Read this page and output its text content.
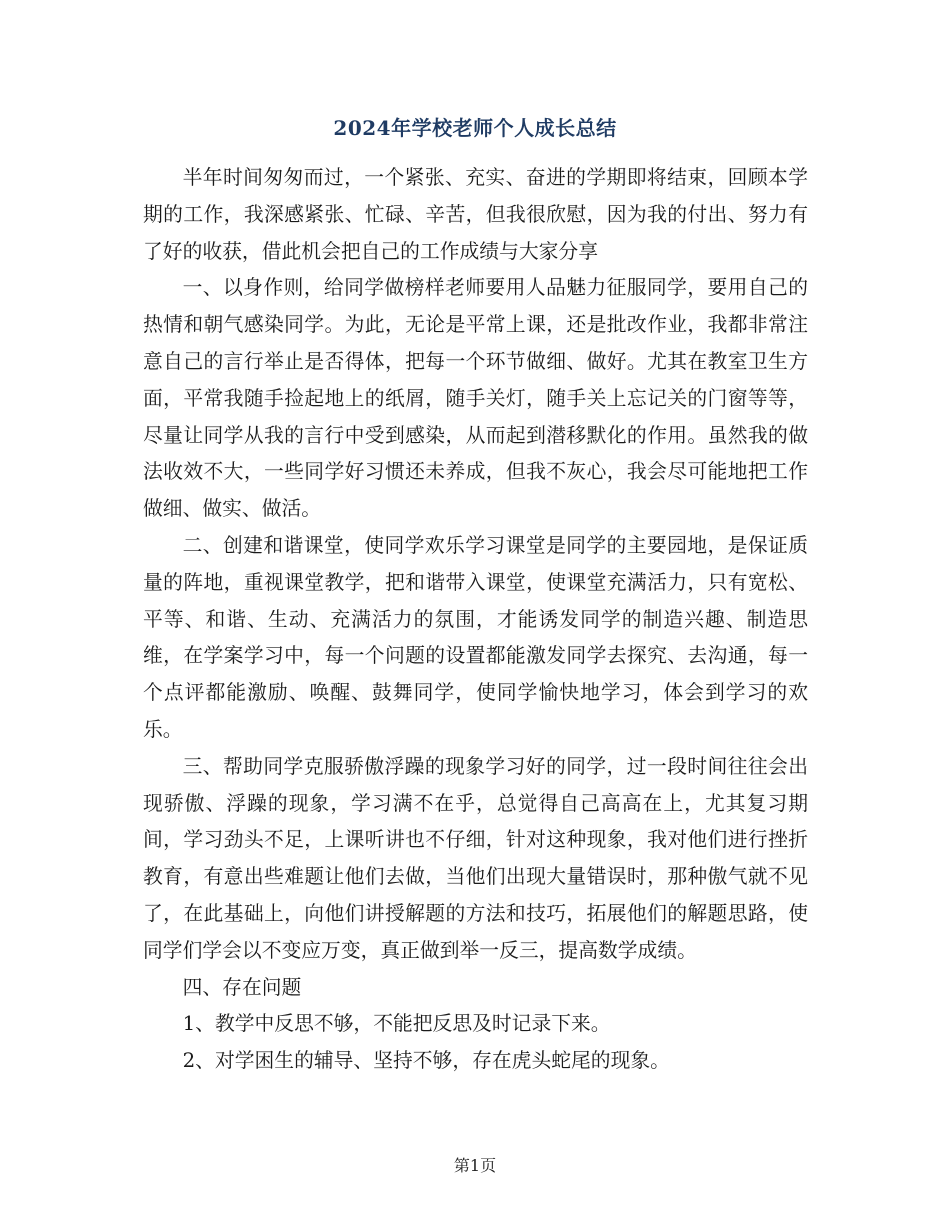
2024年学校老师个人成长总结

半年时间匆匆而过，一个紧张、充实、奋进的学期即将结束，回顾本学期的工作，我深感紧张、忙碌、辛苦，但我很欣慰，因为我的付出、努力有了好的收获，借此机会把自己的工作成绩与大家分享

一、以身作则，给同学做榜样老师要用人品魅力征服同学，要用自己的热情和朝气感染同学。为此，无论是平常上课，还是批改作业，我都非常注意自己的言行举止是否得体，把每一个环节做细、做好。尤其在教室卫生方面，平常我随手捡起地上的纸屑，随手关灯，随手关上忘记关的门窗等等，尽量让同学从我的言行中受到感染，从而起到潜移默化的作用。虽然我的做法收效不大，一些同学好习惯还未养成，但我不灰心，我会尽可能地把工作做细、做实、做活。

二、创建和谐课堂，使同学欢乐学习课堂是同学的主要园地，是保证质量的阵地，重视课堂教学，把和谐带入课堂，使课堂充满活力，只有宽松、平等、和谐、生动、充满活力的氛围，才能诱发同学的制造兴趣、制造思维，在学案学习中，每一个问题的设置都能激发同学去探究、去沟通，每一个点评都能激励、唤醒、鼓舞同学，使同学愉快地学习，体会到学习的欢乐。

三、帮助同学克服骄傲浮躁的现象学习好的同学，过一段时间往往会出现骄傲、浮躁的现象，学习满不在乎，总觉得自己高高在上，尤其复习期间，学习劲头不足，上课听讲也不仔细，针对这种现象，我对他们进行挫折教育，有意出些难题让他们去做，当他们出现大量错误时，那种傲气就不见了，在此基础上，向他们讲授解题的方法和技巧，拓展他们的解题思路，使同学们学会以不变应万变，真正做到举一反三，提高数学成绩。

四、存在问题

1、教学中反思不够，不能把反思及时记录下来。

2、对学困生的辅导、坚持不够，存在虎头蛇尾的现象。

第1页
